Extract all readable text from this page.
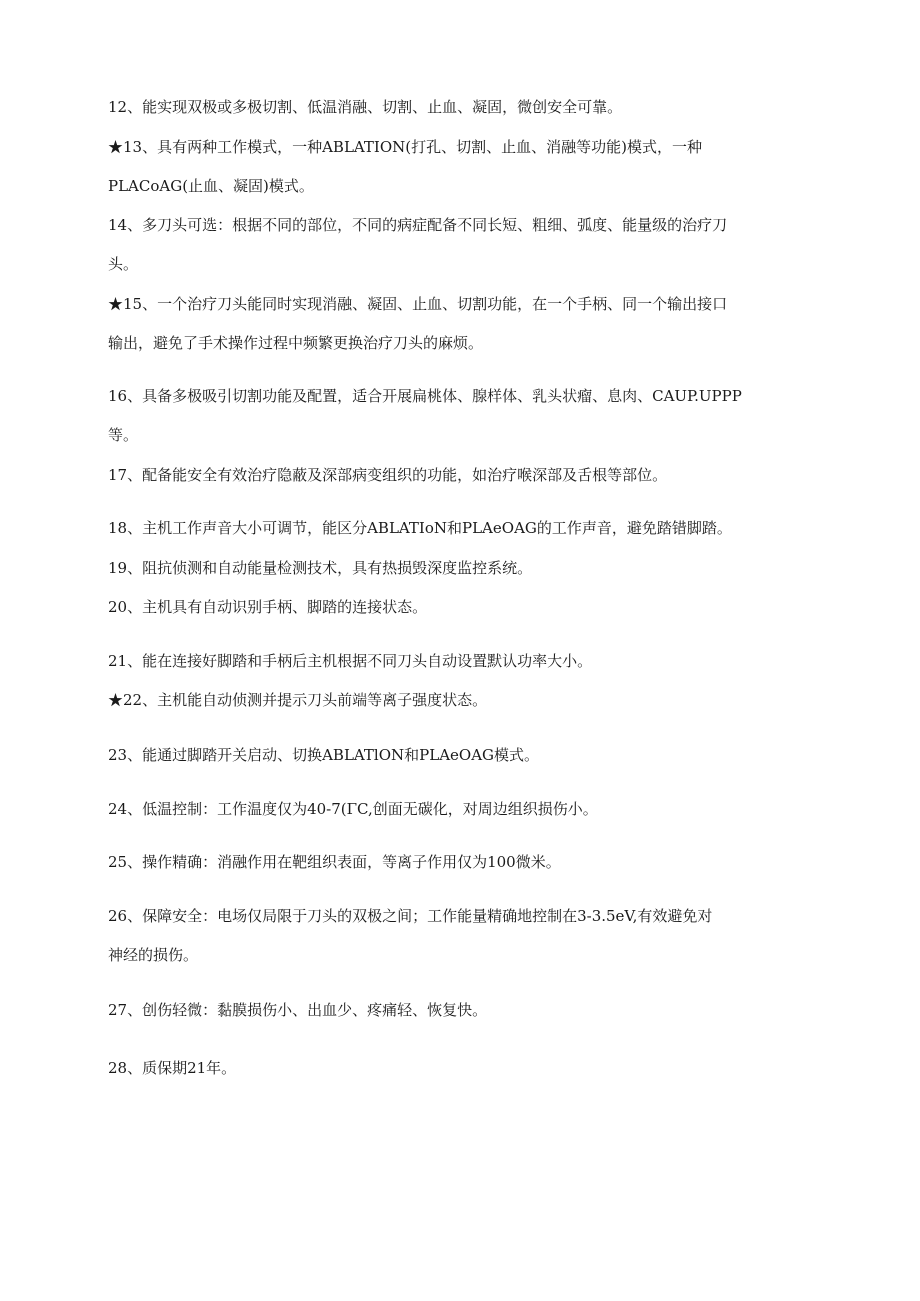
12、能实现双极或多极切割、低温消融、切割、止血、凝固，微创安全可靠。
★13、具有两种工作模式，一种ABLATION(打孔、切割、止血、消融等功能)模式，一种
PLACoAG(止血、凝固)模式。
14、多刀头可选：根据不同的部位，不同的病症配备不同长短、粗细、弧度、能量级的治疗刀
头。
★15、一个治疗刀头能同时实现消融、凝固、止血、切割功能，在一个手柄、同一个输出接口
输出，避免了手术操作过程中频繁更换治疗刀头的麻烦。
16、具备多极吸引切割功能及配置，适合开展扁桃体、腺样体、乳头状瘤、息肉、CAUP.UPPP
等。
17、配备能安全有效治疗隐蔽及深部病变组织的功能，如治疗喉深部及舌根等部位。
18、主机工作声音大小可调节，能区分ABLATIoN和PLAeOAG的工作声音，避免踏错脚踏。
19、阻抗侦测和自动能量检测技术，具有热损毁深度监控系统。
20、主机具有自动识别手柄、脚踏的连接状态。
21、能在连接好脚踏和手柄后主机根据不同刀头自动设置默认功率大小。
★22、主机能自动侦测并提示刀头前端等离子强度状态。
23、能通过脚踏开关启动、切换ABLATlON和PLAeOAG模式。
24、低温控制：工作温度仅为40-7(ΓC,创面无碳化，对周边组织损伤小。
25、操作精确：消融作用在靶组织表面，等离子作用仅为100微米。
26、保障安全：电场仅局限于刀头的双极之间；工作能量精确地控制在3-3.5eV,有效避免对
神经的损伤。
27、创伤轻微：黏膜损伤小、出血少、疼痛轻、恢复快。
28、质保期21年。
